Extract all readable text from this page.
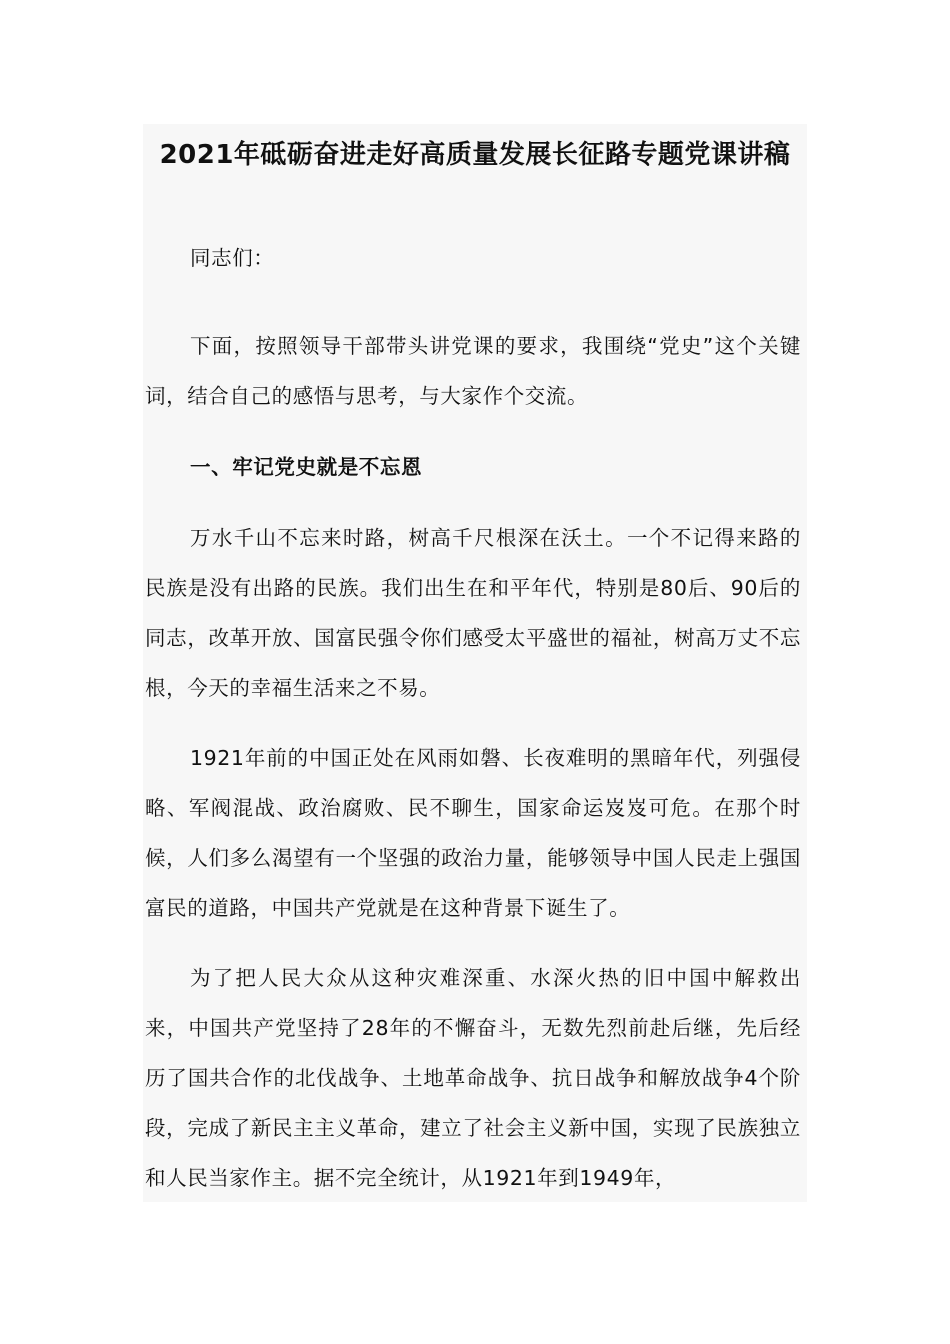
2021年砥砺奋进走好高质量发展长征路专题党课讲稿

同志们：

下面，按照领导干部带头讲党课的要求，我围绕“党史”这个关键词，结合自己的感悟与思考，与大家作个交流。

一、牢记党史就是不忘恩

万水千山不忘来时路，树高千尺根深在沃土。一个不记得来路的民族是没有出路的民族。我们出生在和平年代，特别是80后、90后的同志，改革开放、国富民强令你们感受太平盛世的福祉，树高万丈不忘根，今天的幸福生活来之不易。

1921年前的中国正处在风雨如磐、长夜难明的黑暗年代，列强侵略、军阀混战、政治腐败、民不聊生，国家命运岌岌可危。在那个时候，人们多么渴望有一个坚强的政治力量，能够领导中国人民走上强国富民的道路，中国共产党就是在这种背景下诞生了。

为了把人民大众从这种灾难深重、水深火热的旧中国中解救出来，中国共产党坚持了28年的不懈奋斗，无数先烈前赴后继，先后经历了国共合作的北伐战争、土地革命战争、抗日战争和解放战争4个阶段，完成了新民主主义革命，建立了社会主义新中国，实现了民族独立和人民当家作主。据不完全统计，从1921年到1949年，
